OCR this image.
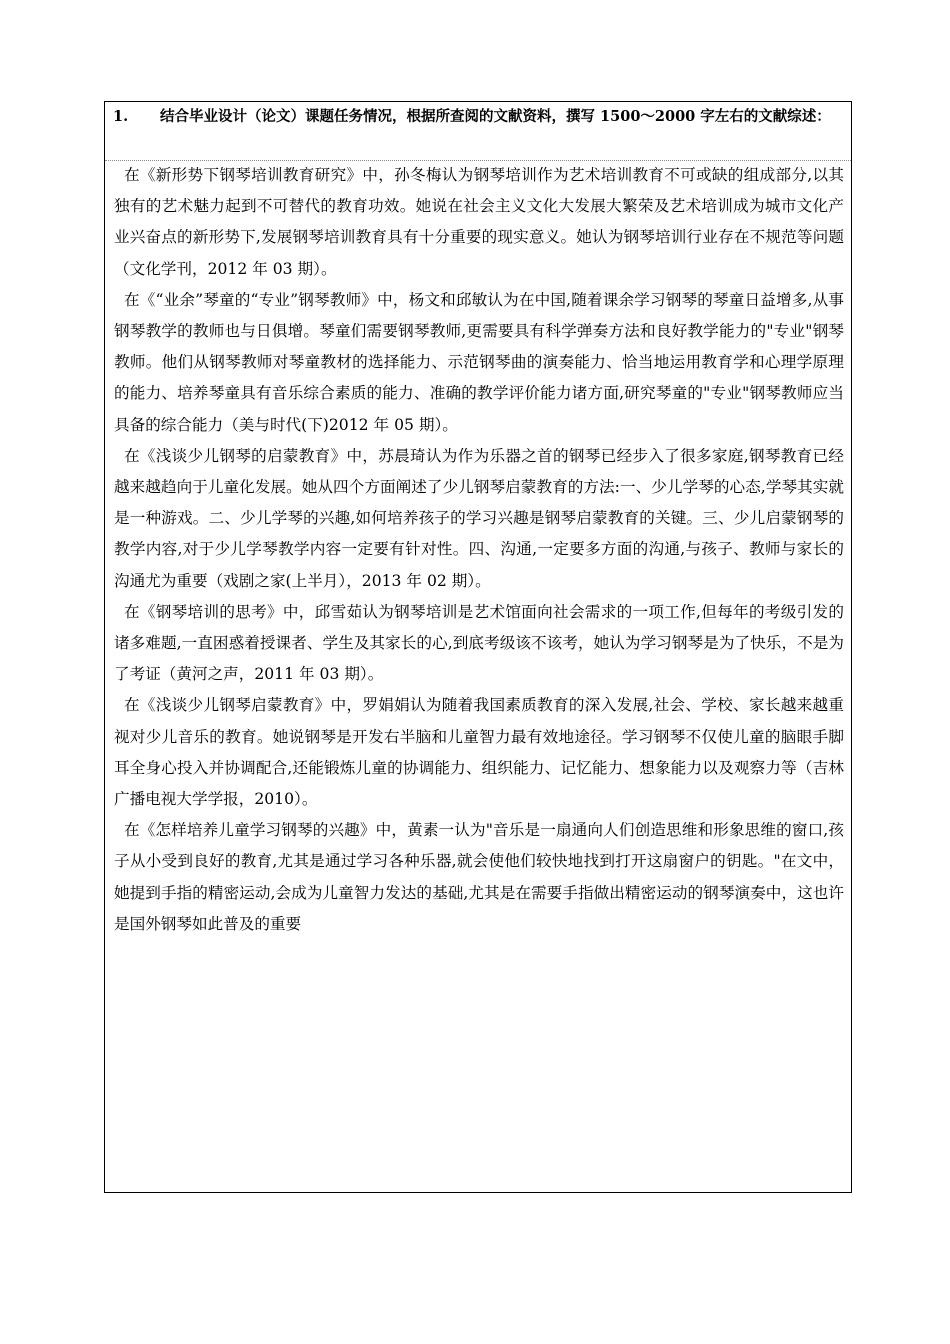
1.	结合毕业设计（论文）课题任务情况，根据所查阅的文献资料，撰写 1500～2000 字左右的文献综述：

在《新形势下钢琴培训教育研究》中，孙冬梅认为钢琴培训作为艺术培训教育不可或缺的组成部分,以其独有的艺术魅力起到不可替代的教育功效。她说在社会主义文化大发展大繁荣及艺术培训成为城市文化产业兴奋点的新形势下,发展钢琴培训教育具有十分重要的现实意义。她认为钢琴培训行业存在不规范等问题（文化学刊，2012 年 03 期）。

在《“业余”琴童的“专业”钢琴教师》中，杨文和邱敏认为在中国,随着课余学习钢琴的琴童日益增多,从事钢琴教学的教师也与日俱增。琴童们需要钢琴教师,更需要具有科学弹奏方法和良好教学能力的"专业"钢琴教师。他们从钢琴教师对琴童教材的选择能力、示范钢琴曲的演奏能力、恰当地运用教育学和心理学原理的能力、培养琴童具有音乐综合素质的能力、准确的教学评价能力诸方面,研究琴童的"专业"钢琴教师应当具备的综合能力（美与时代(下)2012 年 05 期）。

在《浅谈少儿钢琴的启蒙教育》中，苏晨琦认为作为乐器之首的钢琴已经步入了很多家庭,钢琴教育已经越来越趋向于儿童化发展。她从四个方面阐述了少儿钢琴启蒙教育的方法:一、少儿学琴的心态,学琴其实就是一种游戏。二、少儿学琴的兴趣,如何培养孩子的学习兴趣是钢琴启蒙教育的关键。三、少儿启蒙钢琴的教学内容,对于少儿学琴教学内容一定要有针对性。四、沟通,一定要多方面的沟通,与孩子、教师与家长的沟通尤为重要（戏剧之家(上半月），2013 年 02 期）。

在《钢琴培训的思考》中，邱雪茹认为钢琴培训是艺术馆面向社会需求的一项工作,但每年的考级引发的诸多难题,一直困惑着授课者、学生及其家长的心,到底考级该不该考，她认为学习钢琴是为了快乐，不是为了考证（黄河之声，2011 年 03 期）。

在《浅谈少儿钢琴启蒙教育》中，罗娟娟认为随着我国素质教育的深入发展,社会、学校、家长越来越重视对少儿音乐的教育。她说钢琴是开发右半脑和儿童智力最有效地途径。学习钢琴不仅使儿童的脑眼手脚耳全身心投入并协调配合,还能锻炼儿童的协调能力、组织能力、记忆能力、想象能力以及观察力等（吉林广播电视大学学报，2010）。

在《怎样培养儿童学习钢琴的兴趣》中，黄素一认为"音乐是一扇通向人们创造思维和形象思维的窗口,孩子从小受到良好的教育,尤其是通过学习各种乐器,就会使他们较快地找到打开这扇窗户的钥匙。"在文中，她提到手指的精密运动,会成为儿童智力发达的基础,尤其是在需要手指做出精密运动的钢琴演奏中，这也许是国外钢琴如此普及的重要
